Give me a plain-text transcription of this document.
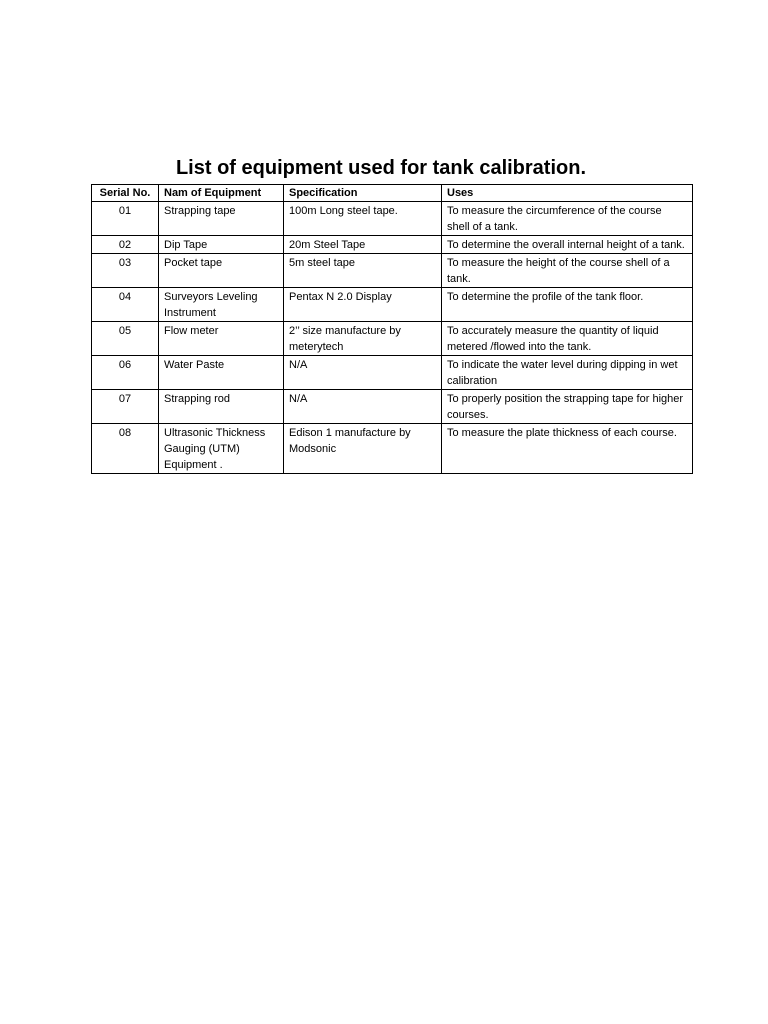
List of equipment used for tank calibration.
Serial No.	Nam of Equipment	Specification	Uses
01	Strapping tape	100m Long steel tape.	To measure the circumference of the course shell of a tank.
02	Dip Tape	20m Steel Tape	To determine the overall internal height of a tank.
03	Pocket tape	5m steel tape	To measure the height of the course shell of a tank.
04	Surveyors Leveling Instrument	Pentax N 2.0 Display	To determine the profile of the tank floor.
05	Flow meter	2’’ size manufacture by meterytech	To accurately measure the quantity of liquid metered /flowed into the tank.
06	Water Paste	N/A	To indicate the water level during dipping in wet calibration
07	Strapping rod	N/A	To properly position the strapping tape for higher courses.
08	Ultrasonic Thickness Gauging (UTM) Equipment .	Edison 1 manufacture by Modsonic	To measure the plate thickness of each course.
